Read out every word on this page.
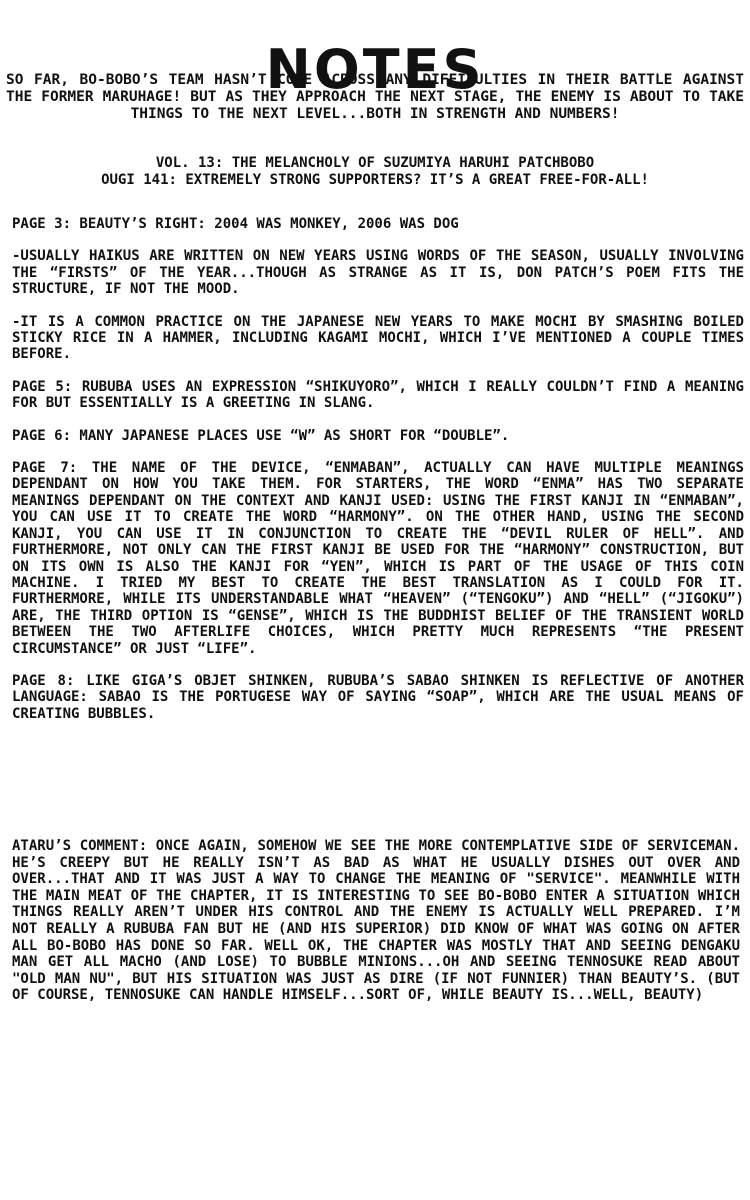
NOTES
SO FAR, BO-BOBO’S TEAM HASN’T COME ACROSS ANY DIFFICULTIES IN THEIR BATTLE AGAINST THE FORMER MARUHAGE! BUT AS THEY APPROACH THE NEXT STAGE, THE ENEMY IS ABOUT TO TAKE THINGS TO THE NEXT LEVEL...BOTH IN STRENGTH AND NUMBERS!
VOL. 13: THE MELANCHOLY OF SUZUMIYA HARUHI PATCHBOBO
OUGI 141: EXTREMELY STRONG SUPPORTERS? IT’S A GREAT FREE-FOR-ALL!

PAGE 3: BEAUTY’S RIGHT: 2004 WAS MONKEY, 2006 WAS DOG

-USUALLY HAIKUS ARE WRITTEN ON NEW YEARS USING WORDS OF THE SEASON, USUALLY INVOLVING THE “FIRSTS” OF THE YEAR...THOUGH AS STRANGE AS IT IS, DON PATCH’S POEM FITS THE STRUCTURE, IF NOT THE MOOD.

-IT IS A COMMON PRACTICE ON THE JAPANESE NEW YEARS TO MAKE MOCHI BY SMASHING BOILED STICKY RICE IN A HAMMER, INCLUDING KAGAMI MOCHI, WHICH I’VE MENTIONED A COUPLE TIMES BEFORE.

PAGE 5: RUBUBA USES AN EXPRESSION “SHIKUYORO”, WHICH I REALLY COULDN’T FIND A MEANING FOR BUT ESSENTIALLY IS A GREETING IN SLANG.

PAGE 6: MANY JAPANESE PLACES USE “W” AS SHORT FOR “DOUBLE”.

PAGE 7: THE NAME OF THE DEVICE, “ENMABAN”, ACTUALLY CAN HAVE MULTIPLE MEANINGS DEPENDANT ON HOW YOU TAKE THEM. FOR STARTERS, THE WORD “ENMA” HAS TWO SEPARATE MEANINGS DEPENDANT ON THE CONTEXT AND KANJI USED: USING THE FIRST KANJI IN “ENMABAN”, YOU CAN USE IT TO CREATE THE WORD “HARMONY”. ON THE OTHER HAND, USING THE SECOND KANJI, YOU CAN USE IT IN CONJUNCTION TO CREATE THE “DEVIL RULER OF HELL”. AND FURTHERMORE, NOT ONLY CAN THE FIRST KANJI BE USED FOR THE “HARMONY” CONSTRUCTION, BUT ON ITS OWN IS ALSO THE KANJI FOR “YEN”, WHICH IS PART OF THE USAGE OF THIS COIN MACHINE. I TRIED MY BEST TO CREATE THE BEST TRANSLATION AS I COULD FOR IT. FURTHERMORE, WHILE ITS UNDERSTANDABLE WHAT “HEAVEN” (“TENGOKU”) AND “HELL” (“JIGOKU”) ARE, THE THIRD OPTION IS “GENSE”, WHICH IS THE BUDDHIST BELIEF OF THE TRANSIENT WORLD BETWEEN THE TWO AFTERLIFE CHOICES, WHICH PRETTY MUCH REPRESENTS “THE PRESENT CIRCUMSTANCE” OR JUST “LIFE”.

PAGE 8: LIKE GIGA’S OBJET SHINKEN, RUBUBA’S SABAO SHINKEN IS REFLECTIVE OF ANOTHER LANGUAGE: SABAO IS THE PORTUGESE WAY OF SAYING “SOAP”, WHICH ARE THE USUAL MEANS OF CREATING BUBBLES.

ATARU’S COMMENT: ONCE AGAIN, SOMEHOW WE SEE THE MORE CONTEMPLATIVE SIDE OF SERVICEMAN. HE’S CREEPY BUT HE REALLY ISN’T AS BAD AS WHAT HE USUALLY DISHES OUT OVER AND OVER...THAT AND IT WAS JUST A WAY TO CHANGE THE MEANING OF "SERVICE". MEANWHILE WITH THE MAIN MEAT OF THE CHAPTER, IT IS INTERESTING TO SEE BO-BOBO ENTER A SITUATION WHICH THINGS REALLY AREN’T UNDER HIS CONTROL AND THE ENEMY IS ACTUALLY WELL PREPARED. I’M NOT REALLY A RUBUBA FAN BUT HE (AND HIS SUPERIOR) DID KNOW OF WHAT WAS GOING ON AFTER ALL BO-BOBO HAS DONE SO FAR. WELL OK, THE CHAPTER WAS MOSTLY THAT AND SEEING DENGAKU MAN GET ALL MACHO (AND LOSE) TO BUBBLE MINIONS...OH AND SEEING TENNOSUKE READ ABOUT "OLD MAN NU", BUT HIS SITUATION WAS JUST AS DIRE (IF NOT FUNNIER) THAN BEAUTY’S. (BUT OF COURSE, TENNOSUKE CAN HANDLE HIMSELF...SORT OF, WHILE BEAUTY IS...WELL, BEAUTY)
